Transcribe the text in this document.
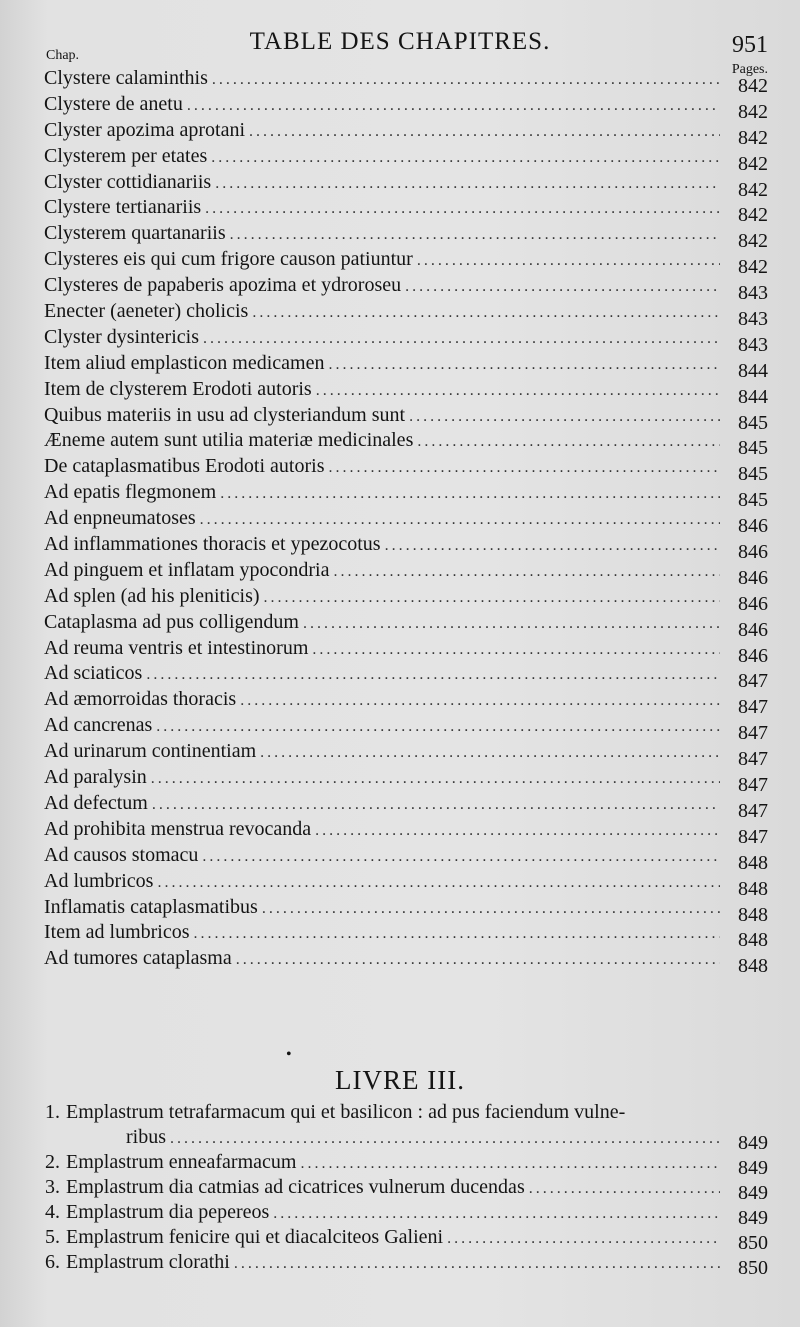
TABLE DES CHAPITRES.	951
Chap.
Pages.
Clystere calaminthis .....	842
Clystere de anetu .....	842
Clyster apozima aprotani .....	842
Clysterem per etates .....	842
Clyster cottidianariis .....	842
Clystere tertianariis .....	842
Clysterem quartanariis .....	842
Clysteres eis qui cum frigore causon patiuntur .....	842
Clysteres de papaberis apozima et ydroroseu .....	843
Enecter (aeneter) cholicis .....	843
Clyster dysintericis .....	843
Item aliud emplasticon medicamen .....	844
Item de clysterem Erodoti autoris .....	844
Quibus materiis in usu ad clysteriandum sunt .....	845
Æneme autem sunt utilia materiæ medicinales .....	845
De cataplasmatibus Erodoti autoris .....	845
Ad epatis flegmonem .....	845
Ad enpneumatoses .....	846
Ad inflammationes thoracis et ypezocotus .....	846
Ad pinguem et inflatam ypocondria .....	846
Ad splen (ad his pleniticis) .....	846
Cataplasma ad pus colligendum .....	846
Ad reuma ventris et intestinorum .....	846
Ad sciaticos .....	847
Ad æmorroidas thoracis .....	847
Ad cancrenas .....	847
Ad urinarum continentiam .....	847
Ad paralysin .....	847
Ad defectum .....	847
Ad prohibita menstrua revocanda .....	847
Ad causos stomacu .....	848
Ad lumbricos .....	848
Inflamatis cataplasmatibus .....	848
Item ad lumbricos .....	848
Ad tumores cataplasma .....	848
•
LIVRE III.
1. Emplastrum tetrafarmacum qui et basilicon : ad pus faciendum vulne-
ribus .....	849
2. Emplastrum enneafarmacum .....	849
3. Emplastrum dia catmias ad cicatrices vulnerum ducendas .....	849
4. Emplastrum dia pepereos .....	849
5. Emplastrum fenicire qui et diacalciteos Galieni .....	850
6. Emplastrum clorathi .....	850
